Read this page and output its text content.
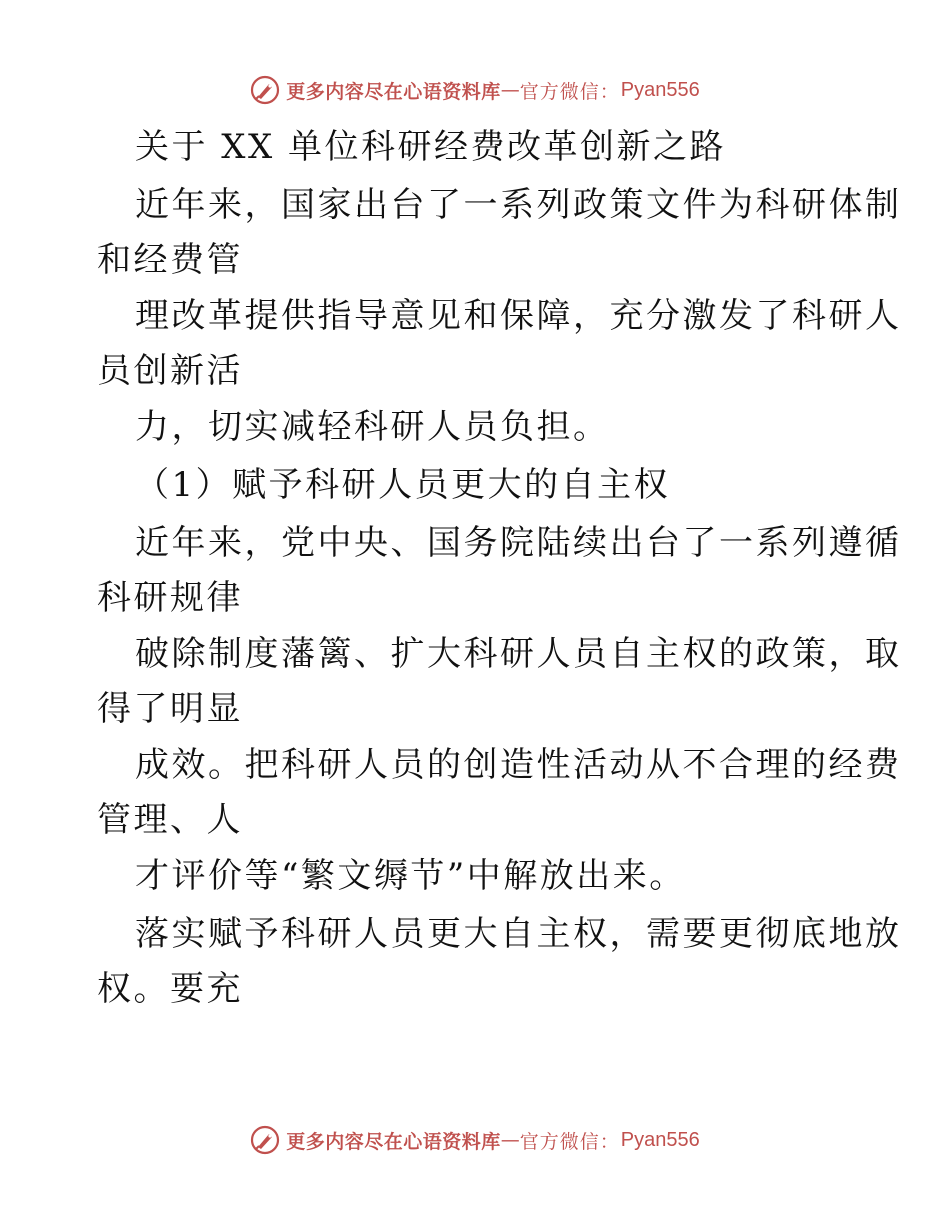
更多内容尽在心语资料库 — 官方微信 ： Pyan556
关于 XX 单位科研经费改革创新之路
近年来，国家出台了一系列政策文件为科研体制
和经费管
理改革提供指导意见和保障，充分激发了科研人
员创新活
力，切实减轻科研人员负担。
（1）赋予科研人员更大的自主权
近年来，党中央、国务院陆续出台了一系列遵循
科研规律
破除制度藩篱、扩大科研人员自主权的政策，取
得了明显
成效。把科研人员的创造性活动从不合理的经费
管理、人
才评价等“繁文缛节”中解放出来。
落实赋予科研人员更大自主权，需要更彻底地放
权。要充
更多内容尽在心语资料库 — 官方微信 ： Pyan556
